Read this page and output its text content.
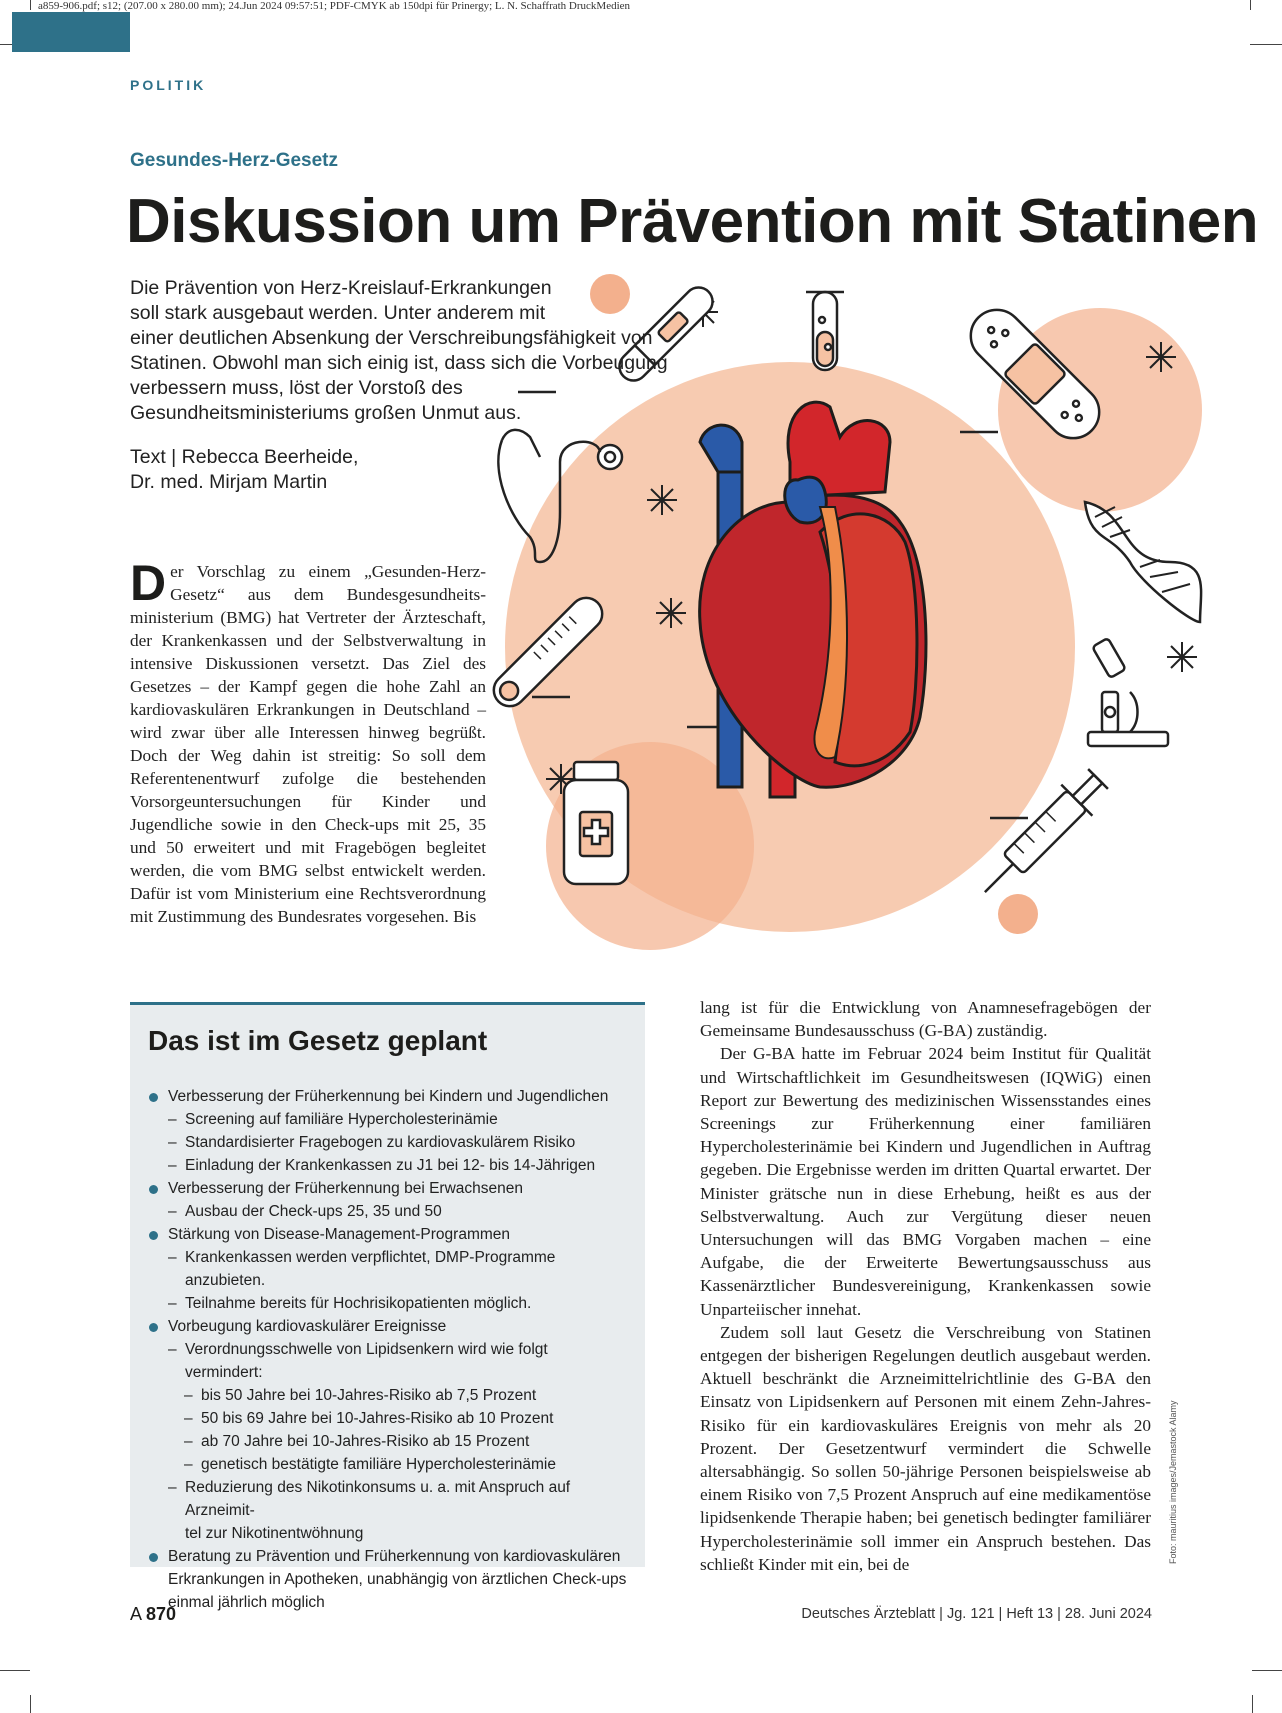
a859-906.pdf; s12; (207.00 x 280.00 mm); 24.Jun 2024 09:57:51; PDF-CMYK ab 150dpi für Prinergy; L. N. Schaffrath DruckMedien
POLITIK
Gesundes-Herz-Gesetz
Diskussion um Prävention mit Statinen
Die Prävention von Herz-Kreislauf-Erkrankungen
soll stark ausgebaut werden. Unter anderem mit
einer deutlichen Absenkung der Verschreibungsfähigkeit von
Statinen. Obwohl man sich einig ist, dass sich die Vorbeugung
verbessern muss, löst der Vorstoß des
Gesundheitsministeriums großen Unmut aus.
Text | Rebecca Beerheide,
Dr. med. Mirjam Martin
Der Vorschlag zu einem „Gesunden-Herz-Gesetz“ aus dem Bundesgesundheitsministerium (BMG) hat Vertreter der Ärzteschaft, der Krankenkassen und der Selbstverwaltung in intensive Diskussionen versetzt. Das Ziel des Gesetzes – der Kampf gegen die hohe Zahl an kardiovaskulären Erkrankungen in Deutschland – wird zwar über alle Interessen hinweg begrüßt. Doch der Weg dahin ist streitig: So soll dem Referentenentwurf zufolge die bestehenden Vorsorgeuntersuchungen für Kinder und Jugendliche sowie in den Check-ups mit 25, 35 und 50 erweitert und mit Fragebögen begleitet werden, die vom BMG selbst entwickelt werden. Dafür ist vom Ministerium eine Rechtsverordnung mit Zustimmung des Bundesrates vorgesehen. Bis
Das ist im Gesetz geplant
Verbesserung der Früherkennung bei Kindern und Jugendlichen
– Screening auf familiäre Hypercholesterinämie
– Standardisierter Fragebogen zu kardiovaskulärem Risiko
– Einladung der Krankenkassen zu J1 bei 12- bis 14-Jährigen
Verbesserung der Früherkennung bei Erwachsenen
– Ausbau der Check-ups 25, 35 und 50
Stärkung von Disease-Management-Programmen
– Krankenkassen werden verpflichtet, DMP-Programme anzubieten.
– Teilnahme bereits für Hochrisikopatienten möglich.
Vorbeugung kardiovaskulärer Ereignisse
– Verordnungsschwelle von Lipidsenkern wird wie folgt vermindert:
– bis 50 Jahre bei 10-Jahres-Risiko ab 7,5 Prozent
– 50 bis 69 Jahre bei 10-Jahres-Risiko ab 10 Prozent
– ab 70 Jahre bei 10-Jahres-Risiko ab 15 Prozent
– genetisch bestätigte familiäre Hypercholesterinämie
– Reduzierung des Nikotinkonsums u. a. mit Anspruch auf Arzneimit-
tel zur Nikotinentwöhnung
Beratung zu Prävention und Früherkennung von kardiovaskulären
Erkrankungen in Apotheken, unabhängig von ärztlichen Check-ups
einmal jährlich möglich

lang ist für die Entwicklung von Anamnesefragebögen der Gemeinsame Bundesausschuss (G-BA) zuständig.

Der G-BA hatte im Februar 2024 beim Institut für Qualität und Wirtschaftlichkeit im Gesundheitswesen (IQWiG) einen Report zur Bewertung des medizinischen Wissensstandes eines Screenings zur Früherkennung einer familiären Hypercholesterinämie bei Kindern und Jugendlichen in Auftrag gegeben. Die Ergebnisse werden im dritten Quartal erwartet. Der Minister grätsche nun in diese Erhebung, heißt es aus der Selbstverwaltung. Auch zur Vergütung dieser neuen Untersuchungen will das BMG Vorgaben machen – eine Aufgabe, die der Erweiterte Bewertungsausschuss aus Kassenärztlicher Bundesvereinigung, Krankenkassen sowie Unparteiischer innehat.

Zudem soll laut Gesetz die Verschreibung von Statinen entgegen der bisherigen Regelungen deutlich ausgebaut werden. Aktuell beschränkt die Arzneimittelrichtlinie des G-BA den Einsatz von Lipidsenkern auf Personen mit einem Zehn-Jahres-Risiko für ein kardiovaskuläres Ereignis von mehr als 20 Prozent. Der Gesetzentwurf vermindert die Schwelle altersabhängig. So sollen 50-jährige Personen beispielsweise ab einem Risiko von 7,5 Prozent Anspruch auf eine medikamentöse lipidsenkende Therapie haben; bei genetisch bedingter familiärer Hypercholesterinämie soll immer ein Anspruch bestehen. Das schließt Kinder mit ein, bei de

Foto: mauritius images/Jemastock Alamy
A 870	Deutsches Ärzteblatt | Jg. 121 | Heft 13 | 28. Juni 2024
